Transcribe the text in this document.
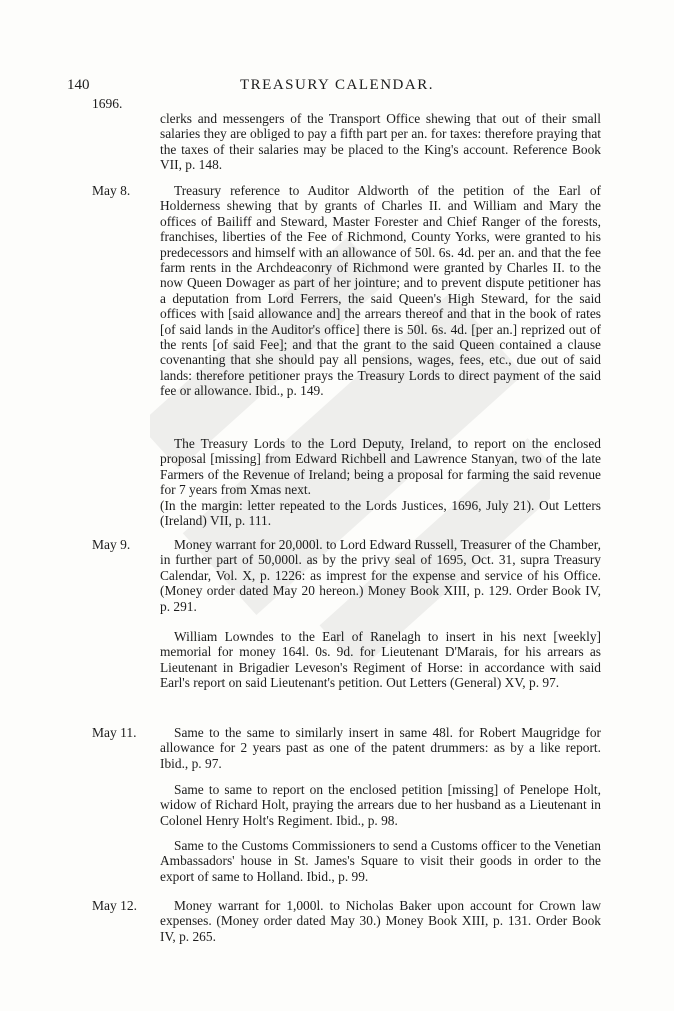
140	TREASURY CALENDAR.
1696.

clerks and messengers of the Transport Office shewing that out of their small salaries they are obliged to pay a fifth part per an. for taxes: therefore praying that the taxes of their salaries may be placed to the King's account. Reference Book VII, p. 148.

May 8.	Treasury reference to Auditor Aldworth of the petition of the Earl of Holderness shewing that by grants of Charles II. and William and Mary the offices of Bailiff and Steward, Master Forester and Chief Ranger of the forests, franchises, liberties of the Fee of Richmond, County Yorks, were granted to his predecessors and himself with an allowance of 50l. 6s. 4d. per an. and that the fee farm rents in the Archdeaconry of Richmond were granted by Charles II. to the now Queen Dowager as part of her jointure; and to prevent dispute petitioner has a deputation from Lord Ferrers, the said Queen's High Steward, for the said offices with [said allowance and] the arrears thereof and that in the book of rates [of said lands in the Auditor's office] there is 50l. 6s. 4d. [per an.] reprized out of the rents [of said Fee]; and that the grant to the said Queen contained a clause covenanting that she should pay all pensions, wages, fees, etc., due out of said lands: therefore petitioner prays the Treasury Lords to direct payment of the said fee or allowance. Ibid., p. 149.

The Treasury Lords to the Lord Deputy, Ireland, to report on the enclosed proposal [missing] from Edward Richbell and Lawrence Stanyan, two of the late Farmers of the Revenue of Ireland; being a proposal for farming the said revenue for 7 years from Xmas next.

(In the margin: letter repeated to the Lords Justices, 1696, July 21). Out Letters (Ireland) VII, p. 111.

May 9.	Money warrant for 20,000l. to Lord Edward Russell, Treasurer of the Chamber, in further part of 50,000l. as by the privy seal of 1695, Oct. 31, supra Treasury Calendar, Vol. X, p. 1226: as imprest for the expense and service of his Office. (Money order dated May 20 hereon.) Money Book XIII, p. 129. Order Book IV, p. 291.

William Lowndes to the Earl of Ranelagh to insert in his next [weekly] memorial for money 164l. 0s. 9d. for Lieutenant D'Marais, for his arrears as Lieutenant in Brigadier Leveson's Regiment of Horse: in accordance with said Earl's report on said Lieutenant's petition. Out Letters (General) XV, p. 97.

May 11.	Same to the same to similarly insert in same 48l. for Robert Maugridge for allowance for 2 years past as one of the patent drummers: as by a like report. Ibid., p. 97.

Same to same to report on the enclosed petition [missing] of Penelope Holt, widow of Richard Holt, praying the arrears due to her husband as a Lieutenant in Colonel Henry Holt's Regiment. Ibid., p. 98.

Same to the Customs Commissioners to send a Customs officer to the Venetian Ambassadors' house in St. James's Square to visit their goods in order to the export of same to Holland. Ibid., p. 99.

May 12.	Money warrant for 1,000l. to Nicholas Baker upon account for Crown law expenses. (Money order dated May 30.) Money Book XIII, p. 131. Order Book IV, p. 265.
